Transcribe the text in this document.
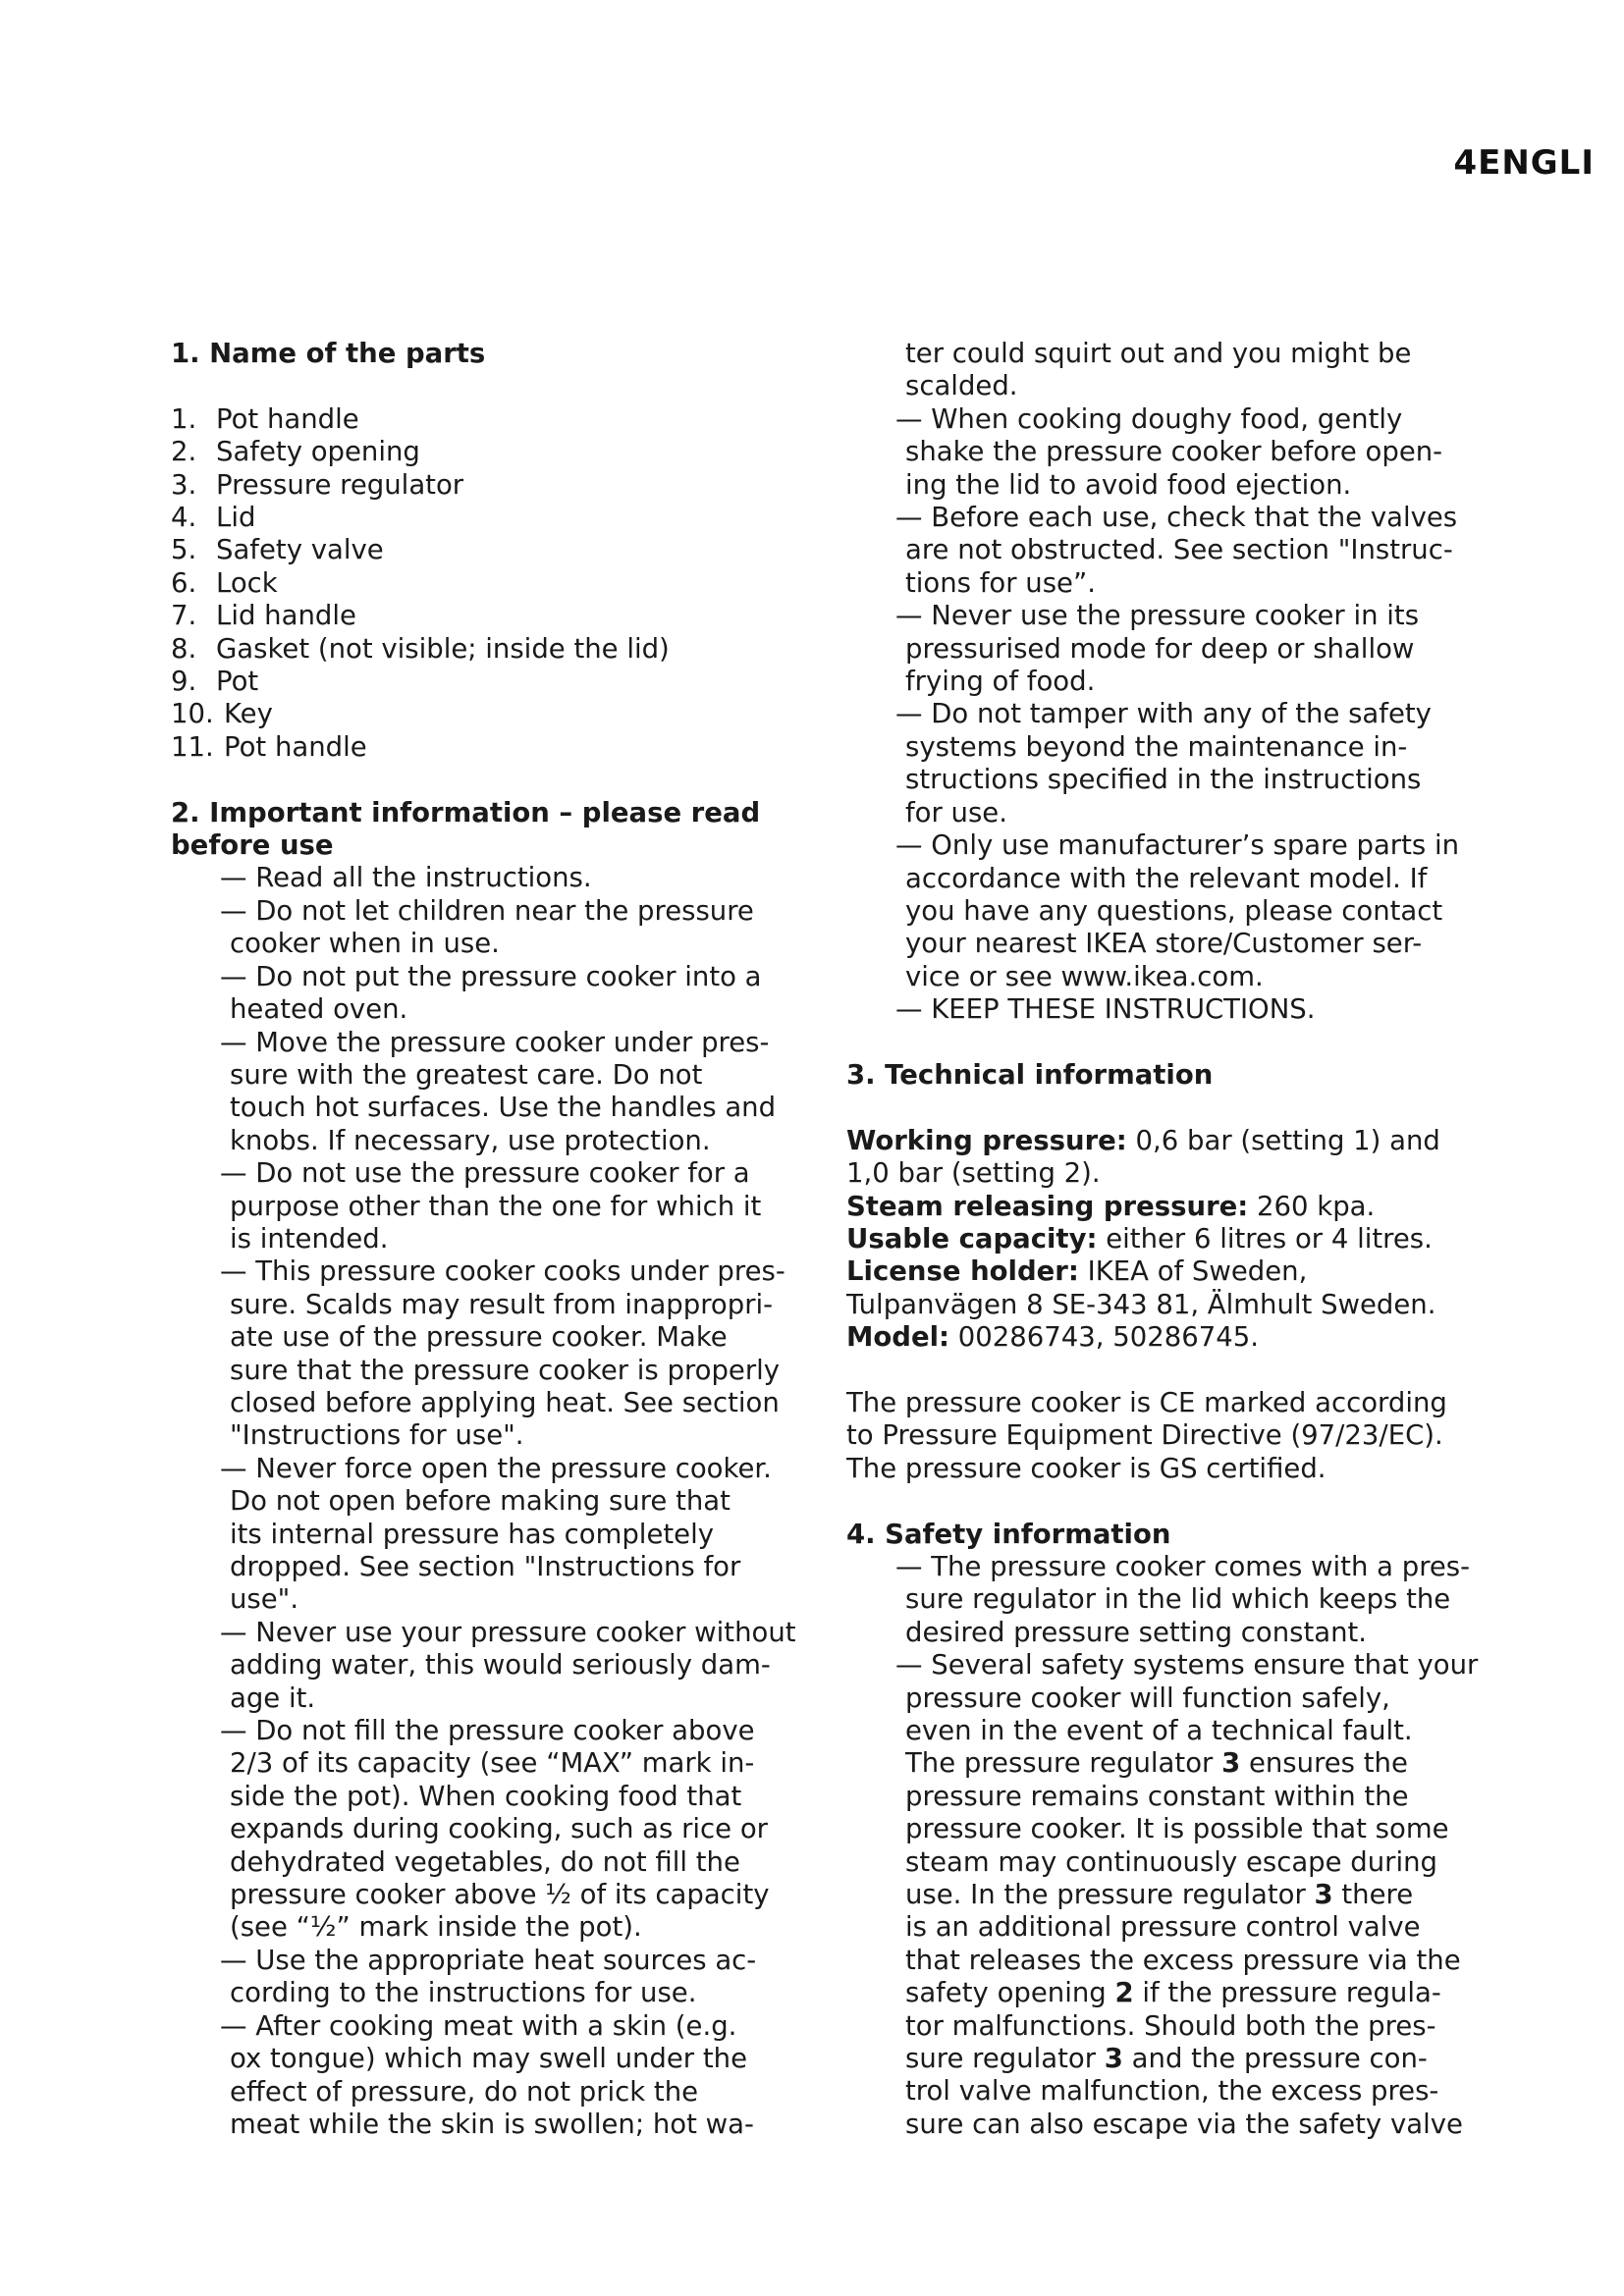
4ENGLI

1. Name of the parts

1. Pot handle
2. Safety opening
3. Pressure regulator
4. Lid
5. Safety valve
6. Lock
7. Lid handle
8. Gasket (not visible; inside the lid)
9. Pot
10. Key
11. Pot handle

2. Important information – please read

before use

— Read all the instructions.
— Do not let children near the pressure
cooker when in use.
— Do not put the pressure cooker into a
heated oven.
— Move the pressure cooker under pres-
sure with the greatest care. Do not
touch hot surfaces. Use the handles and
knobs. If necessary, use protection.
— Do not use the pressure cooker for a
purpose other than the one for which it
is intended.
— This pressure cooker cooks under pres-
sure. Scalds may result from inappropri-
ate use of the pressure cooker. Make
sure that the pressure cooker is properly
closed before applying heat. See section
"Instructions for use".
— Never force open the pressure cooker.
Do not open before making sure that
its internal pressure has completely
dropped. See section "Instructions for
use".
— Never use your pressure cooker without
adding water, this would seriously dam-
age it.
— Do not fill the pressure cooker above
2/3 of its capacity (see “MAX” mark in-
side the pot). When cooking food that
expands during cooking, such as rice or
dehydrated vegetables, do not fill the
pressure cooker above ½ of its capacity
(see “½” mark inside the pot).
— Use the appropriate heat sources ac-
cording to the instructions for use.
— After cooking meat with a skin (e.g.
ox tongue) which may swell under the
effect of pressure, do not prick the
meat while the skin is swollen; hot wa-
ter could squirt out and you might be
scalded.
— When cooking doughy food, gently
shake the pressure cooker before open-
ing the lid to avoid food ejection.
— Before each use, check that the valves
are not obstructed. See section "Instruc-
tions for use”.
— Never use the pressure cooker in its
pressurised mode for deep or shallow
frying of food.
— Do not tamper with any of the safety
systems beyond the maintenance in-
structions specified in the instructions
for use.
— Only use manufacturer’s spare parts in
accordance with the relevant model. If
you have any questions, please contact
your nearest IKEA store/Customer ser-
vice or see www.ikea.com.
— KEEP THESE INSTRUCTIONS.

3. Technical information

Working pressure: 0,6 bar (setting 1) and
1,0 bar (setting 2).
Steam releasing pressure: 260 kpa.
Usable capacity: either 6 litres or 4 litres.
License holder: IKEA of Sweden,
Tulpanvägen 8 SE-343 81, Älmhult Sweden.
Model: 00286743, 50286745.
The pressure cooker is CE marked according
to Pressure Equipment Directive (97/23/EC).
The pressure cooker is GS certified.

4. Safety information

— The pressure cooker comes with a pres-
sure regulator in the lid which keeps the
desired pressure setting constant.
— Several safety systems ensure that your
pressure cooker will function safely,
even in the event of a technical fault.
The pressure regulator 3 ensures the
pressure remains constant within the
pressure cooker. It is possible that some
steam may continuously escape during
use. In the pressure regulator 3 there
is an additional pressure control valve
that releases the excess pressure via the
safety opening 2 if the pressure regula-
tor malfunctions. Should both the pres-
sure regulator 3 and the pressure con-
trol valve malfunction, the excess pres-
sure can also escape via the safety valve
